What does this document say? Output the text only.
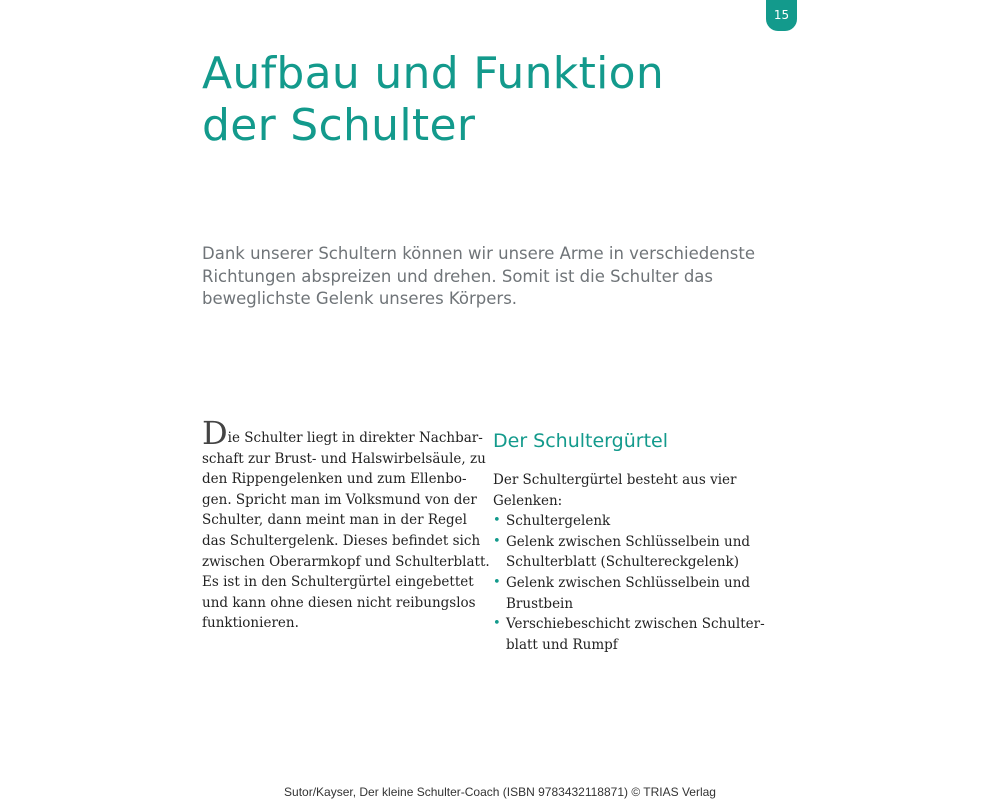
15
Aufbau und Funktion
der Schulter

Dank unserer Schultern können wir unsere Arme in verschiedenste
Richtungen abspreizen und drehen. Somit ist die Schulter das
beweglichste Gelenk unseres Körpers.

Die Schulter liegt in direkter Nachbar-
schaft zur Brust- und Halswirbelsäule, zu
den Rippengelenken und zum Ellenbo-
gen. Spricht man im Volksmund von der
Schulter, dann meint man in der Regel
das Schultergelenk. Dieses befindet sich
zwischen Oberarmkopf und Schulterblatt.
Es ist in den Schultergürtel eingebettet
und kann ohne diesen nicht reibungslos
funktionieren.
Der Schultergürtel
Der Schultergürtel besteht aus vier
Gelenken:
• Schultergelenk
• Gelenk zwischen Schlüsselbein und
Schulterblatt (Schultereckgelenk)
• Gelenk zwischen Schlüsselbein und
Brustbein
• Verschiebeschicht zwischen Schulter-
blatt und Rumpf
Sutor/Kayser, Der kleine Schulter-Coach (ISBN 9783432118871) © TRIAS Verlag
